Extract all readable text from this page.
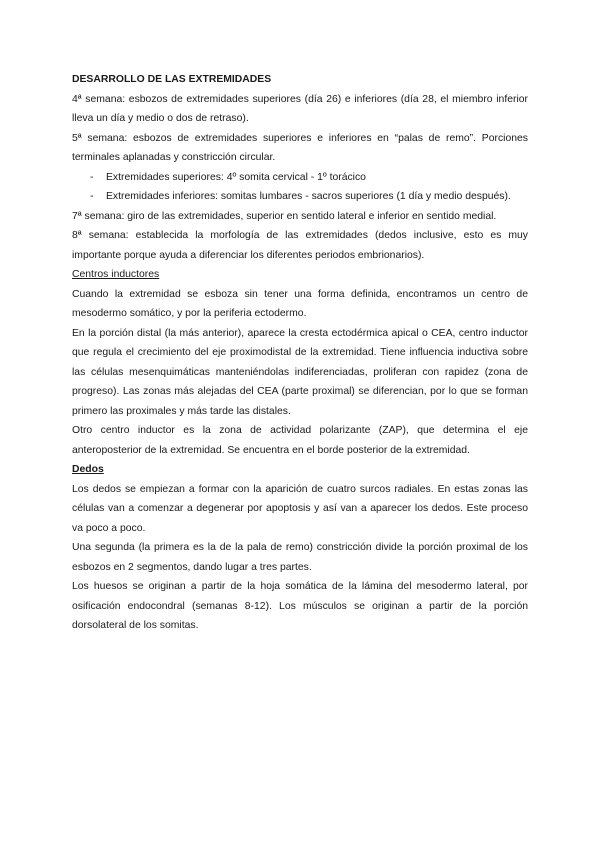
DESARROLLO DE LAS EXTREMIDADES

4ª semana: esbozos de extremidades superiores (día 26) e inferiores (día 28, el miembro inferior lleva un día y medio o dos de retraso).

5ª semana: esbozos de extremidades superiores e inferiores en “palas de remo”. Porciones terminales aplanadas y constricción circular.

- Extremidades superiores: 4º somita cervical - 1º torácico
- Extremidades inferiores: somitas lumbares - sacros superiores (1 día y medio después).

7ª semana: giro de las extremidades, superior en sentido lateral e inferior en sentido medial.

8ª semana: establecida la morfología de las extremidades (dedos inclusive, esto es muy importante porque ayuda a diferenciar los diferentes periodos embrionarios).

Centros inductores

Cuando la extremidad se esboza sin tener una forma definida, encontramos un centro de mesodermo somático, y por la periferia ectodermo.

En la porción distal (la más anterior), aparece la cresta ectodérmica apical o CEA, centro inductor que regula el crecimiento del eje proximodistal de la extremidad. Tiene influencia inductiva sobre las células mesenquimáticas manteniéndolas indiferenciadas, proliferan con rapidez (zona de progreso). Las zonas más alejadas del CEA (parte proximal) se diferencian, por lo que se forman primero las proximales y más tarde las distales.

Otro centro inductor es la zona de actividad polarizante (ZAP), que determina el eje anteroposterior de la extremidad. Se encuentra en el borde posterior de la extremidad.

Dedos

Los dedos se empiezan a formar con la aparición de cuatro surcos radiales. En estas zonas las células van a comenzar a degenerar por apoptosis y así van a aparecer los dedos. Este proceso va poco a poco.

Una segunda (la primera es la de la pala de remo) constricción divide la porción proximal de los esbozos en 2 segmentos, dando lugar a tres partes.

Los huesos se originan a partir de la hoja somática de la lámina del mesodermo lateral, por osificación endocondral (semanas 8-12). Los músculos se originan a partir de la porción dorsolateral de los somitas.
